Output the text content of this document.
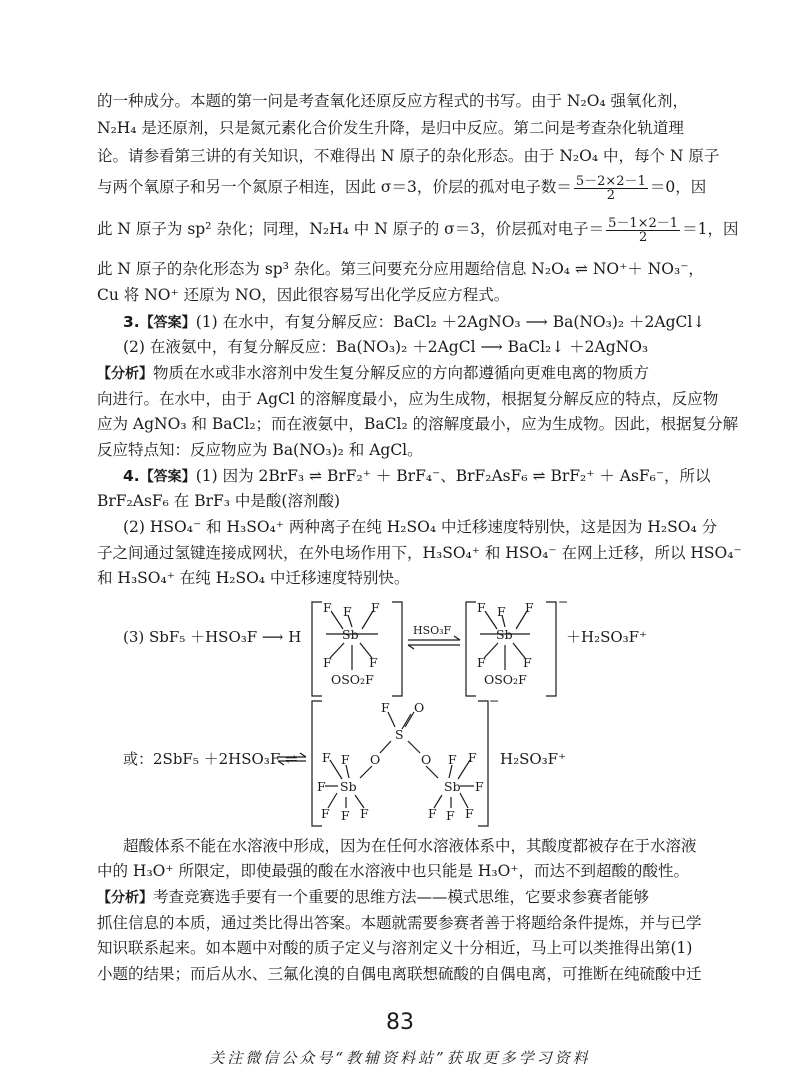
的一种成分。本题的第一问是考查氧化还原反应方程式的书写。由于 N₂O₄ 强氧化剂，
N₂H₄ 是还原剂，只是氮元素化合价发生升降，是归中反应。第二问是考查杂化轨道理
论。请参看第三讲的有关知识，不难得出 N 原子的杂化形态。由于 N₂O₄ 中，每个 N 原子
与两个氧原子和另一个氮原子相连，因此 σ＝3，价层的孤对电子数＝ $\frac{5-2\times 2-1}{2} =0$，因
此 N 原子为 sp² 杂化；同理，N₂H₄ 中 N 原子的 σ＝3，价层孤对电子＝ $\frac{5-1\times 2-1}{2} =1$，因
此 N 原子的杂化形态为 sp³ 杂化。第三问要充分应用题给信息 N₂O₄ ⇌ NO⁺＋ NO₃⁻，
Cu 将 NO⁺ 还原为 NO，因此很容易写出化学反应方程式。
3.【答案】(1) 在水中，有复分解反应：BaCl₂ ＋2AgNO₃ ⟶ Ba(NO₃)₂ ＋2AgCl↓
(2) 在液氨中，有复分解反应：Ba(NO₃)₂ ＋2AgCl ⟶ BaCl₂↓ ＋2AgNO₃
【分析】物质在水或非水溶剂中发生复分解反应的方向都遵循向更难电离的物质方
向进行。在水中，由于 AgCl 的溶解度最小，应为生成物，根据复分解反应的特点，反应物
应为 AgNO₃ 和 BaCl₂；而在液氨中，BaCl₂ 的溶解度最小，应为生成物。因此，根据复分解
反应特点知：反应物应为 Ba(NO₃)₂ 和 AgCl。
4.【答案】(1) 因为 2BrF₃ ⇌ BrF₂⁺ ＋ BrF₄⁻、BrF₂AsF₆ ⇌ BrF₂⁺ ＋ AsF₆⁻，所以
BrF₂AsF₆ 在 BrF₃ 中是酸(溶剂酸)
(2) HSO₄⁻ 和 H₃SO₄⁺ 两种离子在纯 H₂SO₄ 中迁移速度特别快，这是因为 H₂SO₄ 分
子之间通过氢键连接成网状，在外电场作用下，H₃SO₄⁺ 和 HSO₄⁻ 在网上迁移，所以 HSO₄⁻
和 H₃SO₄⁺ 在纯 H₂SO₄ 中迁移速度特别快。
(3) SbF₅ ＋HSO₃F ⟶ H
F
F	F
Sb
F	F
OSO₂F
HSO₃F
F
F	F
Sb
F	F
OSO₂F
−
＋H₂SO₃F⁺
或：2SbF₅ ＋2HSO₃F ⇌
F O
S
O	O
F
F
Sb
F
F F F
F F
Sb F
F F F
−
H₂SO₃F⁺
超酸体系不能在水溶液中形成，因为在任何水溶液体系中，其酸度都被存在于水溶液
中的 H₃O⁺ 所限定，即使最强的酸在水溶液中也只能是 H₃O⁺，而达不到超酸的酸性。
【分析】考查竞赛选手要有一个重要的思维方法——模式思维，它要求参赛者能够
抓住信息的本质，通过类比得出答案。本题就需要参赛者善于将题给条件提炼，并与已学
知识联系起来。如本题中对酸的质子定义与溶剂定义十分相近，马上可以类推得出第(1)
小题的结果；而后从水、三氟化溴的自偶电离联想硫酸的自偶电离，可推断在纯硫酸中迁
83
关注微信公众号“教辅资料站”获取更多学习资料
